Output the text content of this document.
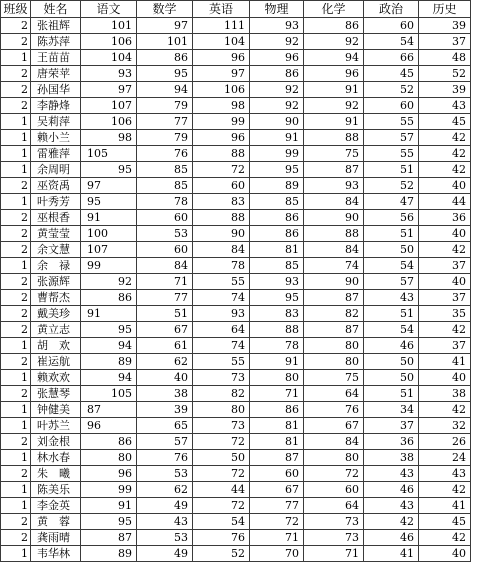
班级	姓名	语文	数学	英语	物理	化学	政治	历史
2	张祖辉	101	97	111	93	86	60	39
2	陈苏萍	106	101	104	92	92	54	37
1	王苗苗	104	86	96	96	94	66	48
2	唐荣苹	93	95	97	86	96	45	52
2	孙国华	97	94	106	92	91	52	39
2	李静烽	107	79	98	92	92	60	43
1	吴莉萍	106	77	99	90	91	55	45
1	赖小兰	98	79	96	91	88	57	42
1	雷雅萍	105	76	88	99	75	55	42
1	余周明	95	85	72	95	87	51	42
2	巫资禹	97	85	60	89	93	52	40
1	叶秀芳	95	78	83	85	84	47	44
2	巫根香	91	60	88	86	90	56	36
2	黄莹莹	100	53	90	86	88	51	40
2	余文慧	107	60	84	81	84	50	42
1	余　禄	99	84	78	85	74	54	37
2	张源辉	92	71	55	93	90	57	40
2	曹帮杰	86	77	74	95	87	43	37
2	戴美珍	91	51	93	83	82	51	35
2	黄立志	95	67	64	88	87	54	42
1	胡　欢	94	61	74	78	80	46	37
2	崔运航	89	62	55	91	80	50	41
1	赖欢欢	94	40	73	80	75	50	40
2	张慧琴	105	38	82	71	64	51	38
1	钟健美	87	39	80	86	76	34	42
1	叶苏兰	96	65	73	81	67	37	32
2	刘金根	86	57	72	81	84	36	26
1	林水春	80	76	50	87	80	38	24
2	朱　曦	96	53	72	60	72	43	43
1	陈美乐	99	62	44	67	60	46	42
1	李金英	91	49	72	77	64	43	41
2	黄　蓉	95	43	54	72	73	42	45
2	龚雨晴	87	53	76	71	73	46	42
1	韦华林	89	49	52	70	71	41	40
